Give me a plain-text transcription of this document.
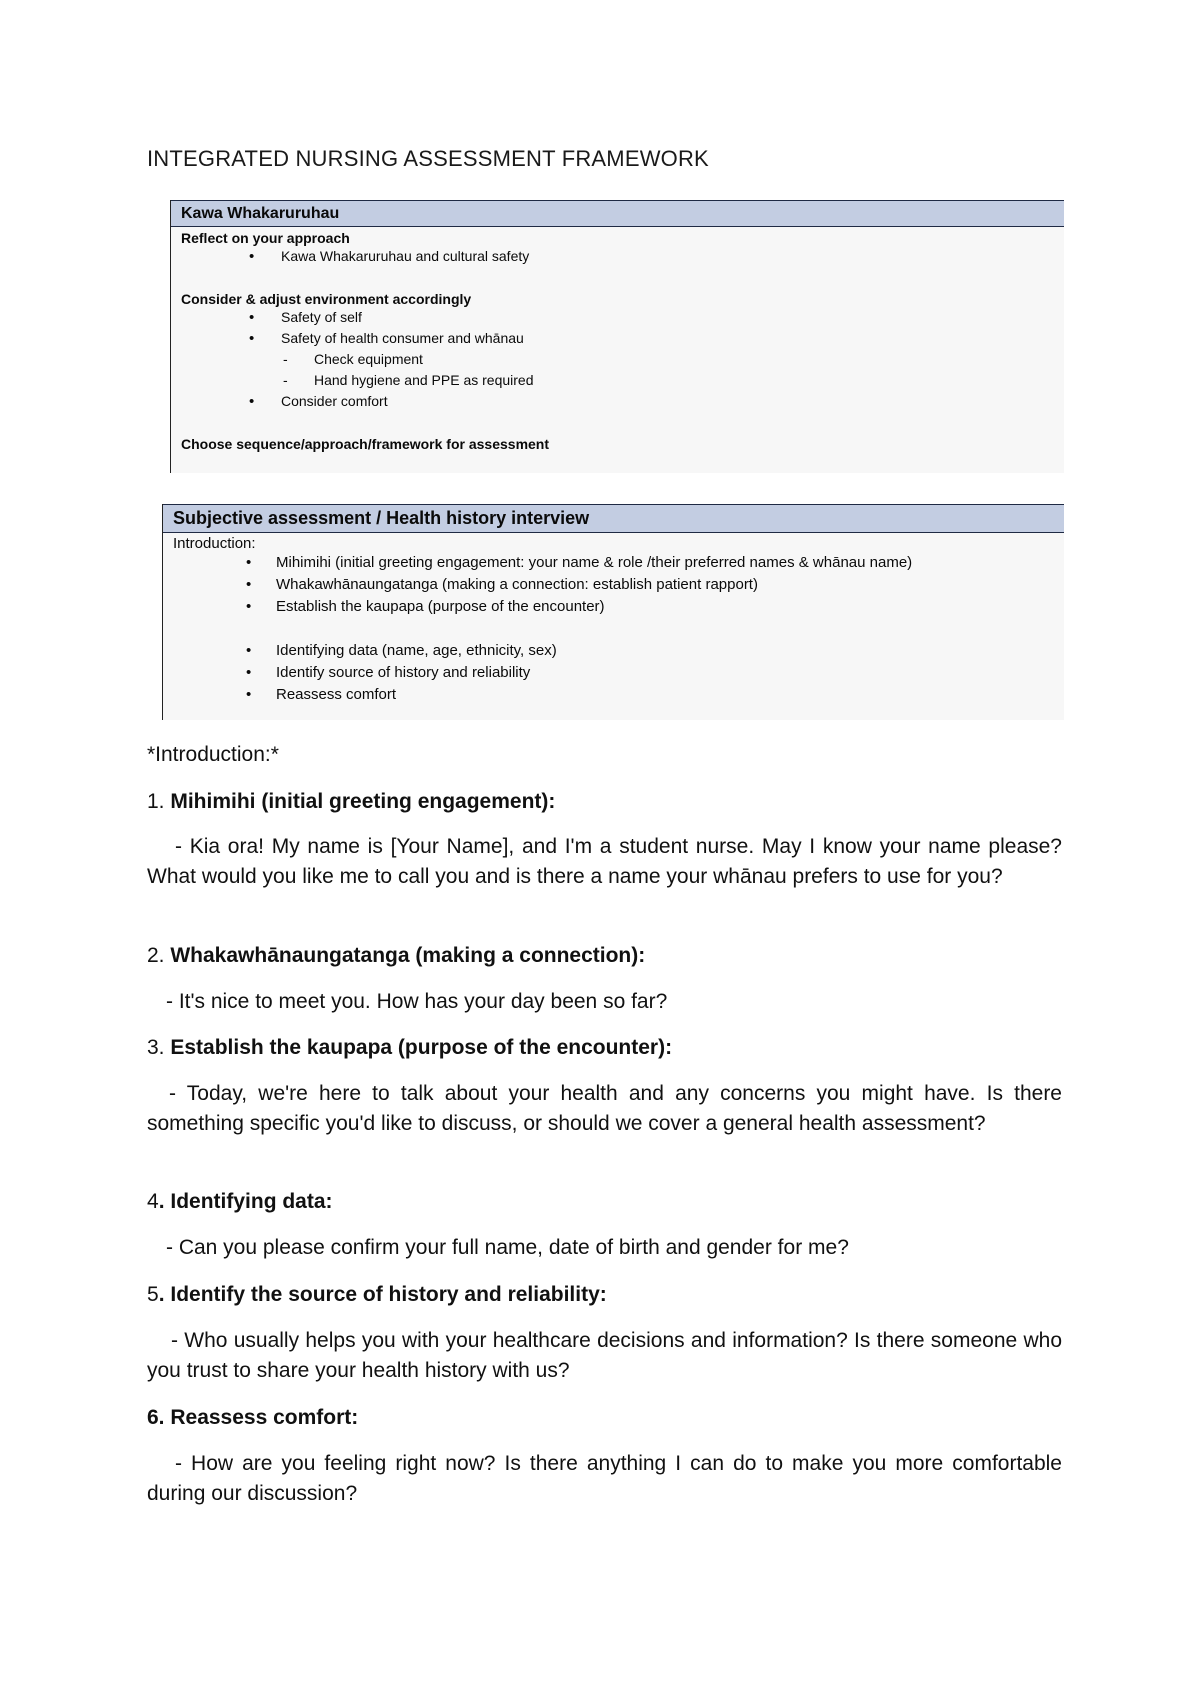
INTEGRATED NURSING ASSESSMENT FRAMEWORK
Kawa Whakaruruhau
Reflect on your approach
• Kawa Whakaruruhau and cultural safety
Consider & adjust environment accordingly
• Safety of self
• Safety of health consumer and whānau
- Check equipment
- Hand hygiene and PPE as required
• Consider comfort
Choose sequence/approach/framework for assessment
Subjective assessment / Health history interview
Introduction:
• Mihimihi (initial greeting engagement: your name & role /their preferred names & whānau name)
• Whakawhānaungatanga (making a connection: establish patient rapport)
• Establish the kaupapa (purpose of the encounter)
• Identifying data (name, age, ethnicity, sex)
• Identify source of history and reliability
• Reassess comfort
*Introduction:*
1. Mihimihi (initial greeting engagement):
- Kia ora! My name is [Your Name], and I'm a student nurse. May I know your name please? What would you like me to call you and is there a name your whānau prefers to use for you?
2. Whakawhānaungatanga (making a connection):
- It's nice to meet you. How has your day been so far?
3. Establish the kaupapa (purpose of the encounter):
- Today, we're here to talk about your health and any concerns you might have. Is there something specific you'd like to discuss, or should we cover a general health assessment?
4. Identifying data:
- Can you please confirm your full name, date of birth and gender for me?
5. Identify the source of history and reliability:
- Who usually helps you with your healthcare decisions and information? Is there someone who you trust to share your health history with us?
6. Reassess comfort:
- How are you feeling right now? Is there anything I can do to make you more comfortable during our discussion?
